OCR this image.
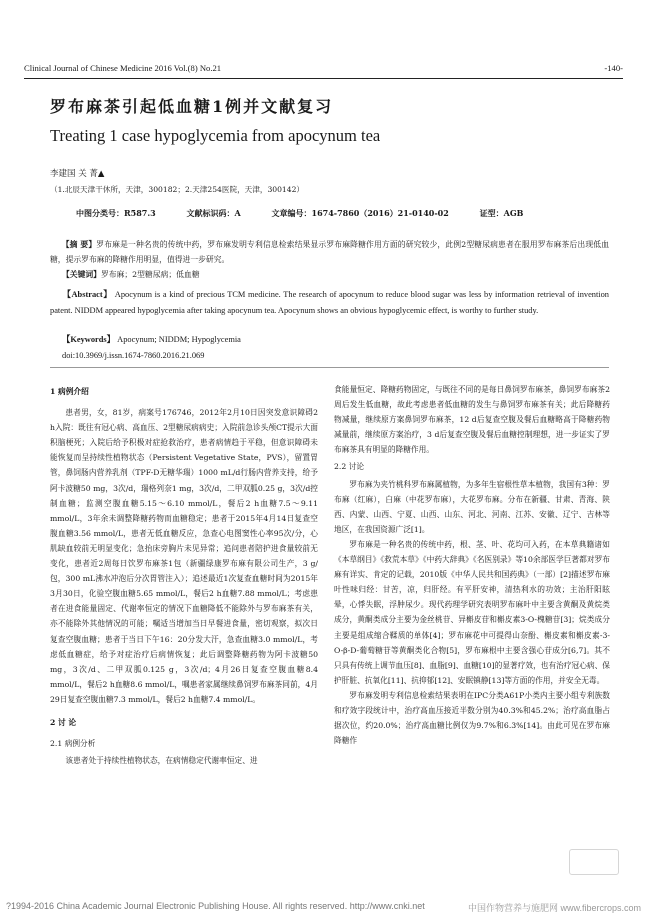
Clinical Journal of Chinese Medicine 2016 Vol.(8) No.21	-140-
罗布麻茶引起低血糖1例并文献复习
Treating 1 case hypoglycemia from apocynum tea
李建国 关 菁▲
（1.北辰天津干休所，天津，300182；2.天津254医院，天津，300142）
中图分类号：R587.3	文献标识码：A	文章编号：1674-7860（2016）21-0140-02	证型：AGB
【摘 要】罗布麻是一种名贵的传统中药，罗布麻发明专利信息检索结果显示罗布麻降糖作用方面的研究较少，此例2型糖尿病患者在服用罗布麻茶后出现低血糖，提示罗布麻的降糖作用明显，值得进一步研究。
【关键词】罗布麻；2型糖尿病；低血糖
【Abstract】 Apocynum is a kind of precious TCM medicine. The research of apocynum to reduce blood sugar was less by information retrieval of invention patent. NIDDM appeared hypoglycemia after taking apocynum tea. Apocynum shows an obvious hypoglycemic effect, is worthy to further study.
【Keywords】 Apocynum; NIDDM; Hypoglycemia
doi:10.3969/j.issn.1674-7860.2016.21.069

1 病例介绍

患者男，女，81岁，病案号176746，2012年2月10日因突发意识障碍2 h入院：既往有冠心病、高血压、2型糖尿病病史；入院前急诊头颅CT提示大面积脑梗死；入院后给予积极对症抢救治疗，患者病情趋于平稳，但意识障碍未能恢复而呈持续性植物状态（Persistent Vegetative State，PVS），留置胃管，鼻饲肠内营养乳剂（TPF-D无糖华瑞）1000 mL/d行肠内营养支持，给予阿卡波糖50 mg，3次/d，瑞格列奈1 mg，3次/d，二甲双胍0.25 g，3次/d控制血糖；监测空腹血糖5.15～6.10 mmol/L，餐后2 h血糖7.5～9.11 mmol/L，3年余未调整降糖药物而血糖稳定；患者于2015年4月14日复查空腹血糖3.56 mmol/L，患者无低血糖反应，急查心电图窦性心率95次/分，心肌缺血较前无明显变化；急抬床旁胸片未见异常；追问患者陪护进食量较前无变化，患者近2周每日饮罗布麻茶1包（新疆绿康罗布麻有限公司生产，3 g/包，300 mL沸水冲泡后分次胃管注入）；追述最近1次复查血糖时间为2015年3月30日，化验空腹血糖5.65 mmol/L，餐后2 h血糖7.88 mmol/L；考虑患者在进食能量固定、代谢率恒定的情况下血糖降低不能除外与罗布麻茶有关，亦不能除外其他情况的可能；嘱适当增加当日早餐进食量，密切观察，拟次日复查空腹血糖；患者于当日下午16：20分发大汗，急查血糖3.0 mmol/L，考虑低血糖症，给予对症治疗后病情恢复；此后调整降糖药物为阿卡波糖50 mg，3次/d、二甲双胍0.125 g，3次/d；4月26日复查空腹血糖8.4 mmol/L，餐后2 h血糖8.6 mmol/L，嘱患者家属继续鼻饲罗布麻茶同前，4月29日复查空腹血糖7.3 mmol/L，餐后2 h血糖7.4 mmol/L。

2 讨 论

2.1 病例分析

该患者处于持续性植物状态，在病情稳定代谢率恒定、进

食能量恒定、降糖药物固定，与既往不同的是每日鼻饲罗布麻茶，鼻饲罗布麻茶2周后发生低血糖，故此考虑患者低血糖的发生与鼻饲罗布麻茶有关；此后降糖药物减量，继续原方案鼻饲罗布麻茶，12 d后复查空腹及餐后血糖略高于降糖药物减量前，继续原方案治疗，3 d后复查空腹及餐后血糖控制理想，进一步证实了罗布麻茶具有明显的降糖作用。

2.2 讨论

罗布麻为夹竹桃科罗布麻属植物，为多年生宿根性草本植物，我国有3种：罗布麻（红麻），白麻（中花罗布麻），大花罗布麻。分布在新疆、甘肃、青海、陕西、内蒙、山西、宁夏、山西、山东、河北、河南、江苏、安徽、辽宁、吉林等地区，在我国资源广泛[1]。

罗布麻是一种名贵的传统中药，根、茎、叶、花均可入药，在本草典籍诸如《本草纲目》《救荒本草》《中药大辞典》《名医别录》等10余部医学巨著都对罗布麻有详实、肯定的记载，2010版《中华人民共和国药典》（一部）[2]描述罗布麻叶性味归经：甘苦，凉，归肝经。有平肝安神，清热利水的功效；主治肝阳眩晕，心悸失眠，浮肿尿少。现代药理学研究表明罗布麻叶中主要含黄酮及黄烷类成分，黄酮类成分主要为金丝桃苷、异槲皮苷和槲皮素3-O-槐糖苷[3]；烷类成分主要是组成缩合鞣质的单体[4]；罗布麻花中可提得山奈酚、槲皮素和槲皮素-3-O-β-D-葡萄糖苷等黄酮类化合物[5]，罗布麻根中主要含强心苷成分[6,7]。其不只具有传统上调节血压[8]、血脂[9]、血糖[10]的显著疗效，也有治疗冠心病、保护肝脏、抗氧化[11]、抗抑郁[12]、安眠镇静[13]等方面的作用，并安全无毒。

罗布麻发明专利信息检索结果表明在IPC分类A61P小类内主要小组专利族数和疗效字段统计中，治疗高血压接近半数分别为40.3%和45.2%；治疗高血脂占据次位，约20.0%；治疗高血糖比例仅为9.7%和6.3%[14]。由此可见在罗布麻降糖作

?1994-2016 China Academic Journal Electronic Publishing House. All rights reserved. http://www.cnki.net	中国作物营养与施肥网 www.fibercrops.com
